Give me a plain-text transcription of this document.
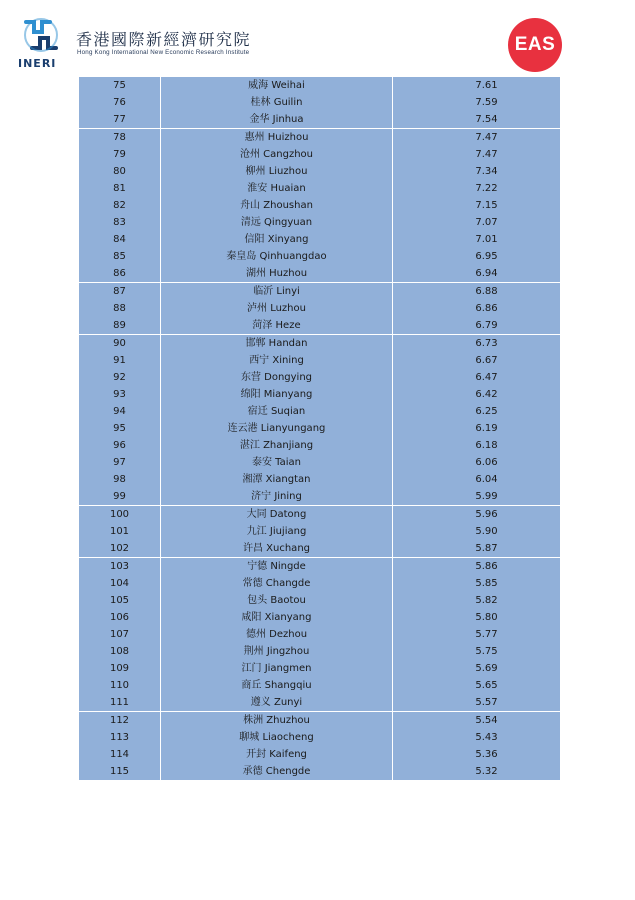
INERI
香港國際新經濟研究院
Hong Kong International New Economic Research Institute	EAS
75	威海 Weihai	7.61
76	桂林 Guilin	7.59
77	金华 Jinhua	7.54
78	惠州 Huizhou	7.47
79	沧州 Cangzhou	7.47
80	柳州 Liuzhou	7.34
81	淮安 Huaian	7.22
82	舟山 Zhoushan	7.15
83	清远 Qingyuan	7.07
84	信阳 Xinyang	7.01
85	秦皇岛 Qinhuangdao	6.95
86	湖州 Huzhou	6.94
87	临沂 Linyi	6.88
88	泸州 Luzhou	6.86
89	菏泽 Heze	6.79
90	邯郸 Handan	6.73
91	西宁 Xining	6.67
92	东营 Dongying	6.47
93	绵阳 Mianyang	6.42
94	宿迁 Suqian	6.25
95	连云港 Lianyungang	6.19
96	湛江 Zhanjiang	6.18
97	泰安 Taian	6.06
98	湘潭 Xiangtan	6.04
99	济宁 Jining	5.99
100	大同 Datong	5.96
101	九江 Jiujiang	5.90
102	许昌 Xuchang	5.87
103	宁德 Ningde	5.86
104	常德 Changde	5.85
105	包头 Baotou	5.82
106	咸阳 Xianyang	5.80
107	德州 Dezhou	5.77
108	荆州 Jingzhou	5.75
109	江门 Jiangmen	5.69
110	商丘 Shangqiu	5.65
111	遵义 Zunyi	5.57
112	株洲 Zhuzhou	5.54
113	聊城 Liaocheng	5.43
114	开封 Kaifeng	5.36
115	承德 Chengde	5.32
